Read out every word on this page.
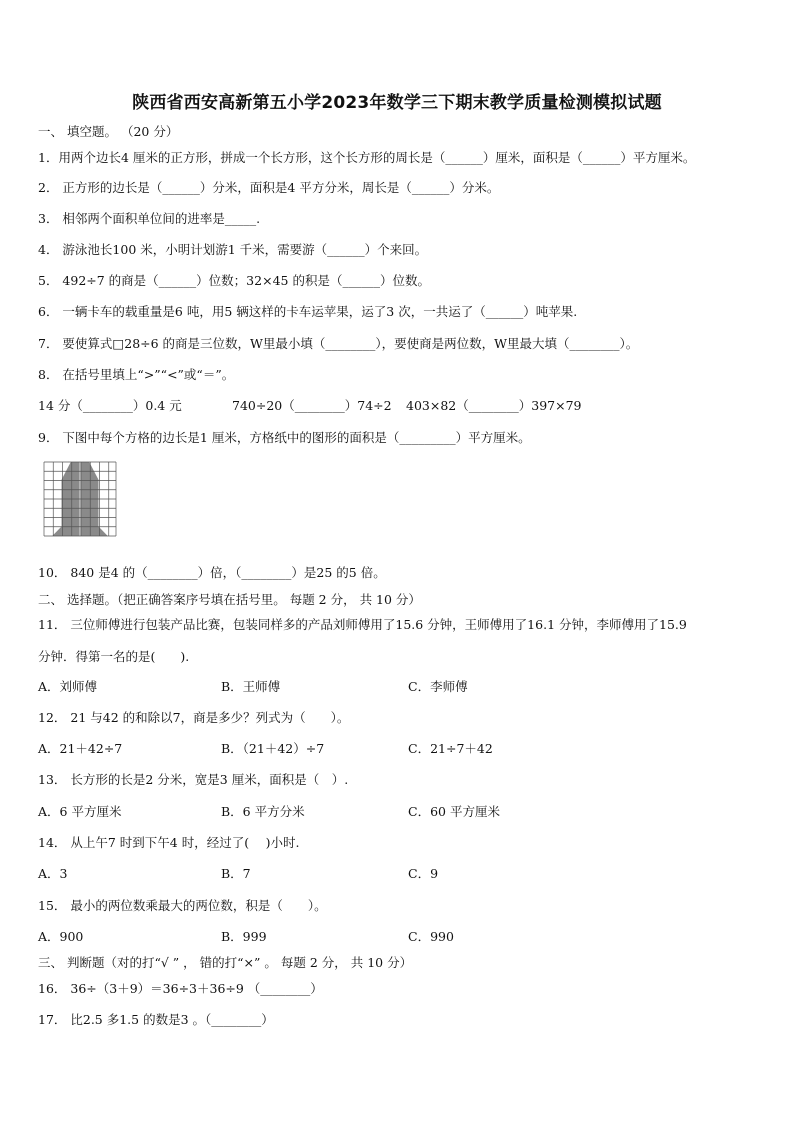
陕西省西安高新第五小学2023年数学三下期末教学质量检测模拟试题
一、 填空题。 （20 分）
1．用两个边长4 厘米的正方形，拼成一个长方形，这个长方形的周长是（______）厘米，面积是（______）平方厘米。
2． 正方形的边长是（______）分米，面积是4 平方分米，周长是（______）分米。
3． 相邻两个面积单位间的进率是_____.
4． 游泳池长100 米，小明计划游1 千米，需要游（______）个来回。
5． 492÷7 的商是（______）位数；32×45 的积是（______）位数。
6． 一辆卡车的载重量是6 吨，用5 辆这样的卡车运苹果，运了3 次，一共运了（______）吨苹果.
7． 要使算式□28÷6 的商是三位数，W里最小填（________），要使商是两位数，W里最大填（________）。
8． 在括号里填上“>”“<”或“＝”。
14 分（________）0.4 元	740÷20（________）74÷2 403×82（________）397×79
9． 下图中每个方格的边长是1 厘米，方格纸中的图形的面积是（_________）平方厘米。
10． 840 是4 的（________）倍，（________）是25 的5 倍。
二、 选择题。（把正确答案序号填在括号里。 每题 2 分， 共 10 分）
11． 三位师傅进行包装产品比赛，包装同样多的产品刘师傅用了15.6 分钟，王师傅用了16.1 分钟，李师傅用了15.9
分钟．得第一名的是(　　).
A．刘师傅	B．王师傅	C．李师傅
12． 21 与42 的和除以7，商是多少？列式为（　　）。
A．21＋42÷7	B．（21＋42）÷7	C．21÷7＋42
13． 长方形的长是2 分米，宽是3 厘米，面积是（　）.
A．6 平方厘米	B．6 平方分米	C．60 平方厘米
14． 从上午7 时到下午4 时，经过了(　 )小时.
A．3	B．7	C．9
15． 最小的两位数乘最大的两位数，积是（　　）。
A．900	B．999	C．990
三、 判断题（对的打“√ ” ， 错的打“×” 。 每题 2 分， 共 10 分）
16． 36÷（3＋9）＝36÷3＋36÷9 （________）
17． 比2.5 多1.5 的数是3 。（________）
